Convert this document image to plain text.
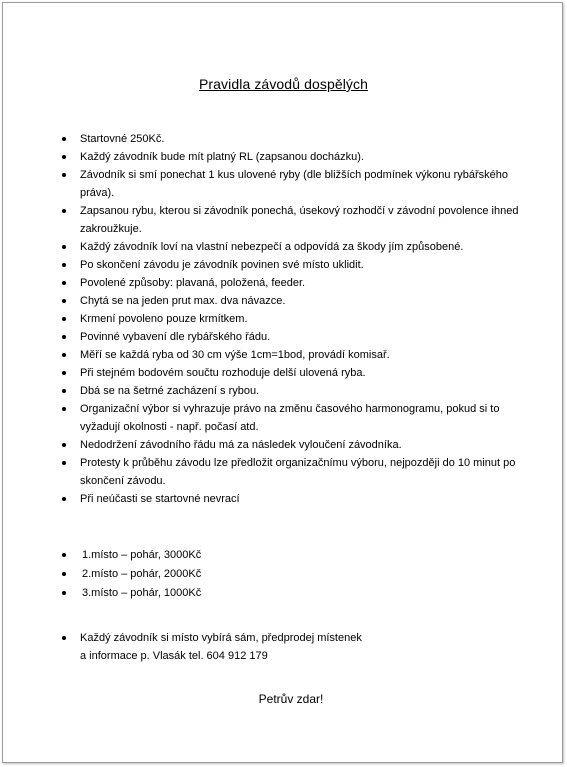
Pravidla závodů dospělých
Startovné 250Kč.
Každý závodník bude mít platný RL (zapsanou docházku).
Závodník si smí ponechat 1 kus ulovené ryby (dle bližších podmínek výkonu rybářského práva).
Zapsanou rybu, kterou si závodník ponechá, úsekový rozhodčí v závodní povolence ihned zakroužkuje.
Každý závodník loví na vlastní nebezpečí a odpovídá za škody jím způsobené.
Po skončení závodu je závodník povinen své místo uklidit.
Povolené způsoby: plavaná, položená, feeder.
Chytá se na jeden prut max. dva návazce.
Krmení povoleno pouze krmítkem.
Povinné vybavení dle rybářského řádu.
Měří se každá ryba od 30 cm výše 1cm=1bod, provádí komisař.
Při stejném bodovém součtu rozhoduje delší ulovená ryba.
Dbá se na šetrné zacházení s rybou.
Organizační výbor si vyhrazuje právo na změnu časového harmonogramu, pokud si to vyžadují okolnosti - např. počasí atd.
Nedodržení závodního řádu má za následek vyloučení závodníka.
Protesty k průběhu závodu lze předložit organizačnímu výboru, nejpozději do 10 minut po skončení závodu.
Při neúčasti se startovné nevrací
1.místo – pohár, 3000Kč
2.místo – pohár, 2000Kč
3.místo – pohár, 1000Kč
Každý závodník si místo vybírá sám, předprodej místenek
a informace p. Vlasák tel. 604 912 179
Petrův zdar!
